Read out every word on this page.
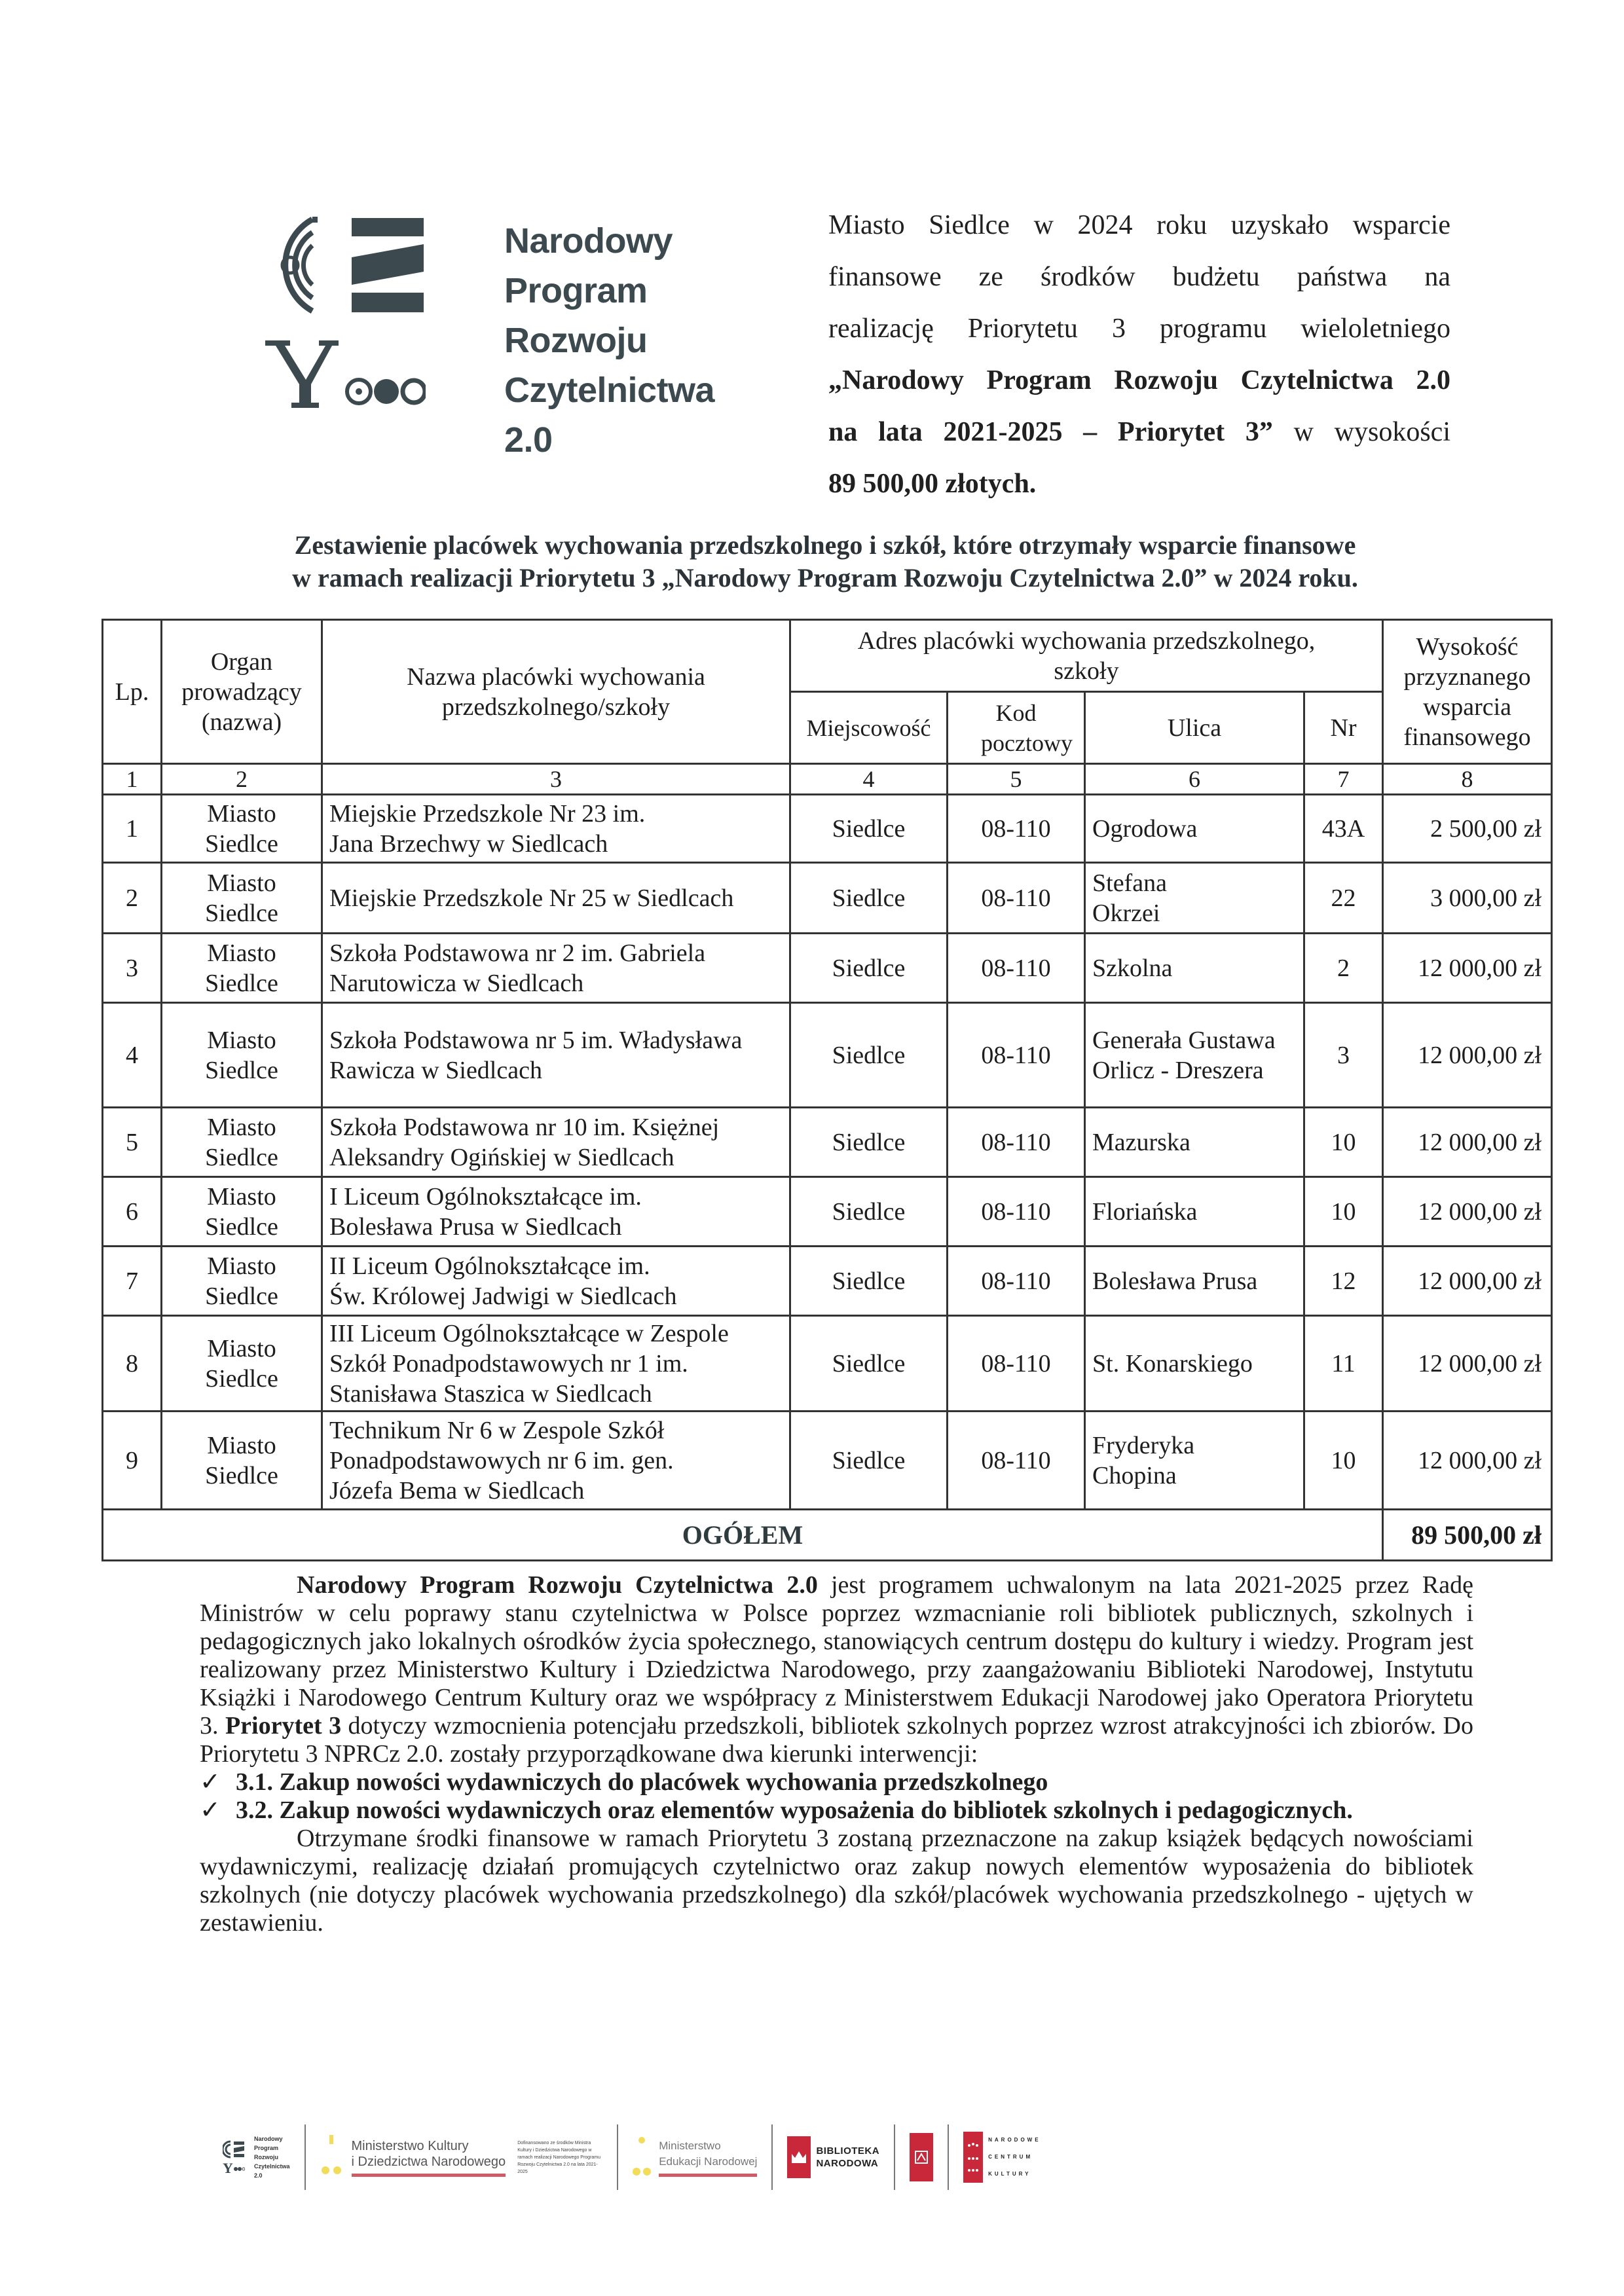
Narodowy
Program
Rozwoju
Czytelnictwa
2.0
Miasto Siedlce w 2024 roku uzyskało wsparcie
finansowe ze środków budżetu państwa na
realizację Priorytetu 3 programu wieloletniego
„Narodowy Program Rozwoju Czytelnictwa 2.0
na lata 2021-2025 – Priorytet 3” w wysokości
89 500,00 złotych.
Zestawienie placówek wychowania przedszkolnego i szkół, które otrzymały wsparcie finansowe
w ramach realizacji Priorytetu 3 „Narodowy Program Rozwoju Czytelnictwa 2.0” w 2024 roku.
Lp.	Organ prowadzący (nazwa)	Nazwa placówki wychowania przedszkolnego/szkoły	Adres placówki wychowania przedszkolnego, szkoły				Wysokość przyznanego wsparcia finansowego
			Miejscowość	Kod pocztowy	Ulica	Nr	
1	2	3	4	5	6	7	8
1	Miasto Siedlce	Miejskie Przedszkole Nr 23 im. Jana Brzechwy w Siedlcach	Siedlce	08-110	Ogrodowa	43A	2 500,00 zł
2	Miasto Siedlce	Miejskie Przedszkole Nr 25 w Siedlcach	Siedlce	08-110	Stefana Okrzei	22	3 000,00 zł
3	Miasto Siedlce	Szkoła Podstawowa nr 2 im. Gabriela Narutowicza w Siedlcach	Siedlce	08-110	Szkolna	2	12 000,00 zł
4	Miasto Siedlce	Szkoła Podstawowa nr 5 im. Władysława Rawicza w Siedlcach	Siedlce	08-110	Generała Gustawa Orlicz - Dreszera	3	12 000,00 zł
5	Miasto Siedlce	Szkoła Podstawowa nr 10 im. Księżnej Aleksandry Ogińskiej w Siedlcach	Siedlce	08-110	Mazurska	10	12 000,00 zł
6	Miasto Siedlce	I Liceum Ogólnokształcące im. Bolesława Prusa w Siedlcach	Siedlce	08-110	Floriańska	10	12 000,00 zł
7	Miasto Siedlce	II Liceum Ogólnokształcące im. Św. Królowej Jadwigi w Siedlcach	Siedlce	08-110	Bolesława Prusa	12	12 000,00 zł
8	Miasto Siedlce	III Liceum Ogólnokształcące w Zespole Szkół Ponadpodstawowych nr 1 im. Stanisława Staszica w Siedlcach	Siedlce	08-110	St. Konarskiego	11	12 000,00 zł
9	Miasto Siedlce	Technikum Nr 6 w Zespole Szkół Ponadpodstawowych nr 6 im. gen. Józefa Bema w Siedlcach	Siedlce	08-110	Fryderyka Chopina	10	12 000,00 zł
OGÓŁEM							89 500,00 zł

Narodowy Program Rozwoju Czytelnictwa 2.0 jest programem uchwalonym na lata 2021-2025 przez Radę Ministrów w celu poprawy stanu czytelnictwa w Polsce poprzez wzmacnianie roli bibliotek publicznych, szkolnych i pedagogicznych jako lokalnych ośrodków życia społecznego, stanowiących centrum dostępu do kultury i wiedzy. Program jest realizowany przez Ministerstwo Kultury i Dziedzictwa Narodowego, przy zaangażowaniu Biblioteki Narodowej, Instytutu Książki i Narodowego Centrum Kultury oraz we współpracy z Ministerstwem Edukacji Narodowej jako Operatora Priorytetu 3. Priorytet 3 dotyczy wzmocnienia potencjału przedszkoli, bibliotek szkolnych poprzez wzrost atrakcyjności ich zbiorów. Do Priorytetu 3 NPRCz 2.0. zostały przyporządkowane dwa kierunki interwencji:

✓ 3.1. Zakup nowości wydawniczych do placówek wychowania przedszkolnego

✓ 3.2. Zakup nowości wydawniczych oraz elementów wyposażenia do bibliotek szkolnych i pedagogicznych.

Otrzymane środki finansowe w ramach Priorytetu 3 zostaną przeznaczone na zakup książek będących nowościami wydawniczymi, realizację działań promujących czytelnictwo oraz zakup nowych elementów wyposażenia do bibliotek szkolnych (nie dotyczy placówek wychowania przedszkolnego) dla szkół/placówek wychowania przedszkolnego - ujętych w zestawieniu.

Y
Narodowy
Program
Rozwoju
Czytelnictwa
2.0
Ministerstwo Kultury
i Dziedzictwa Narodowego
Dofinansowano ze środków Ministra Kultury i Dziedzictwa Narodowego w ramach realizacji Narodowego Programu Rozwoju Czytelnictwa 2.0 na lata 2021-2025
Ministerstwo
Edukacji Narodowej
BIBLIOTEKA
NARODOWA
NARODOWE
CENTRUM
KULTURY
